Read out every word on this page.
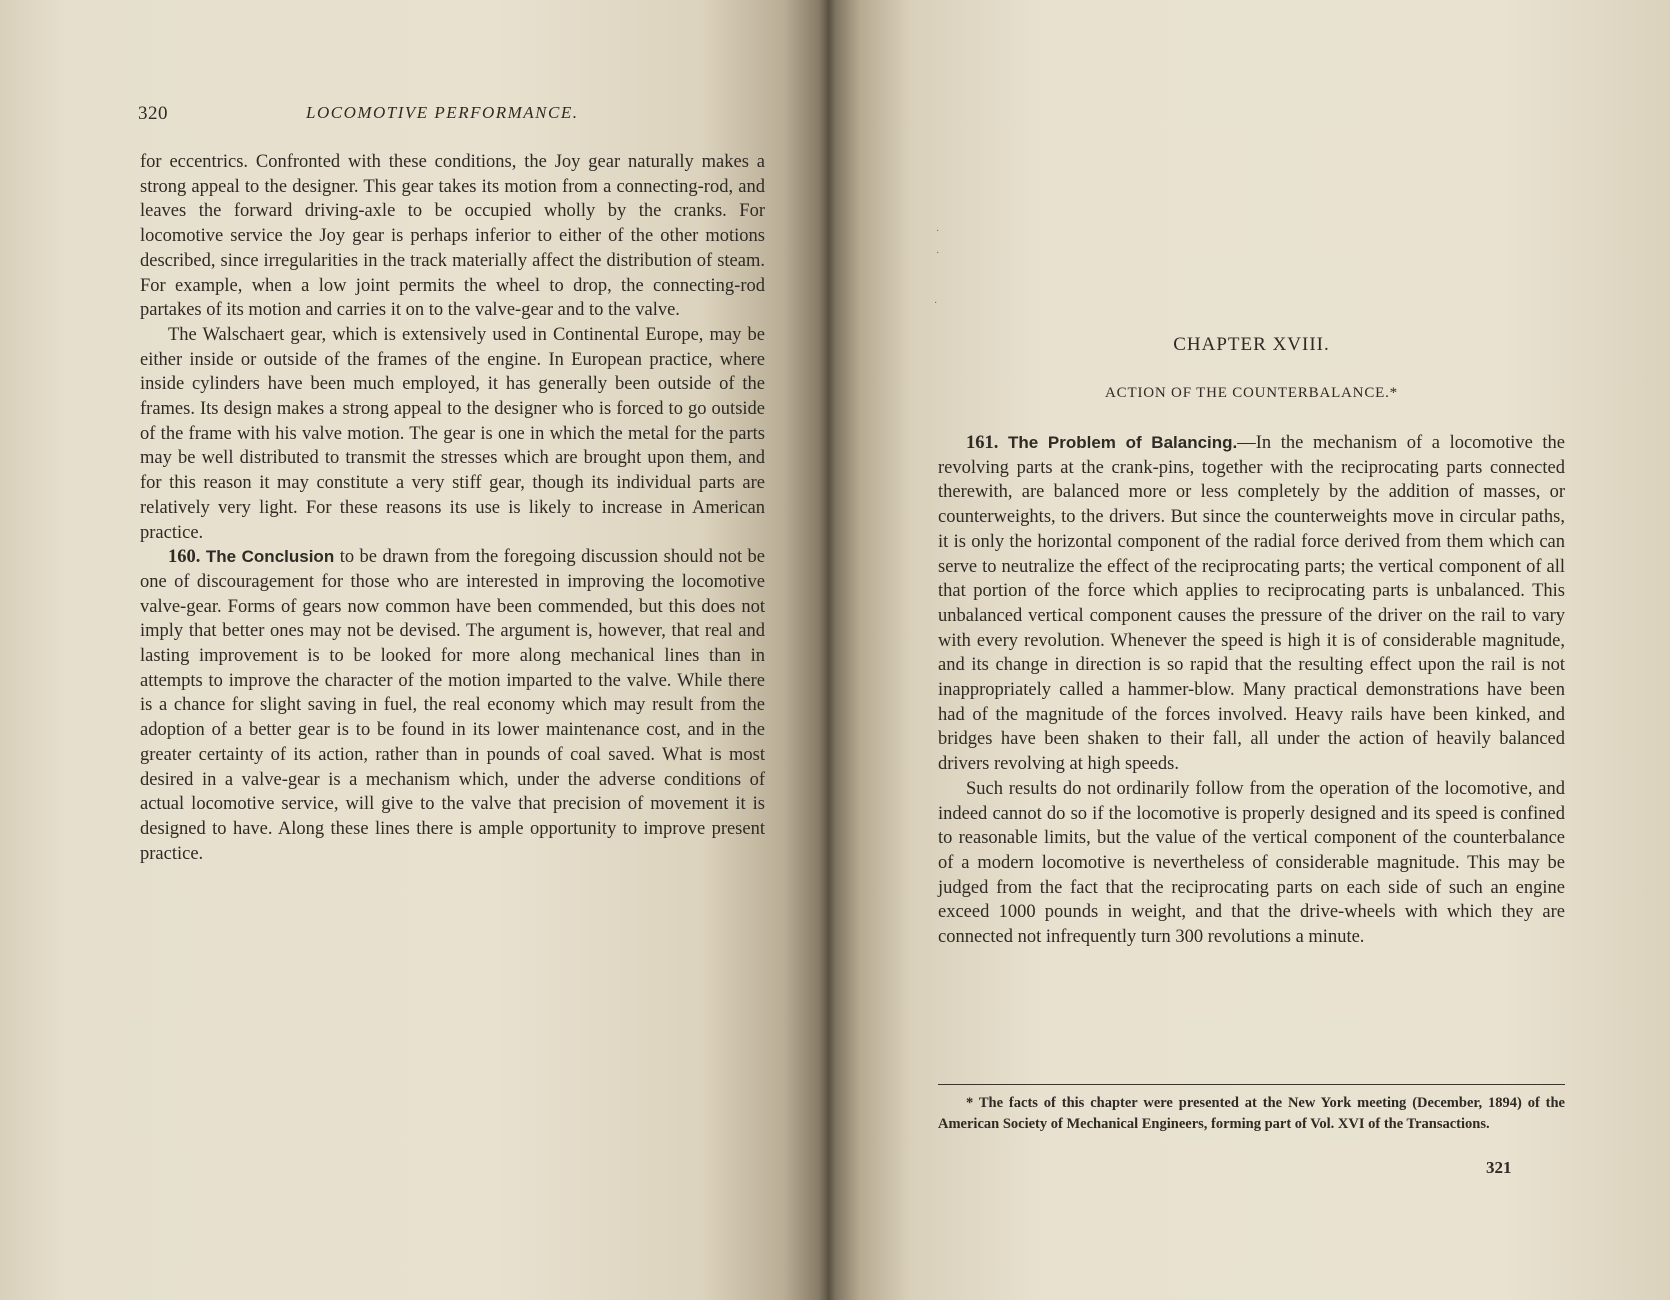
320	LOCOMOTIVE PERFORMANCE.

for eccentrics. Confronted with these conditions, the Joy gear naturally makes a strong appeal to the designer. This gear takes its motion from a connecting-rod, and leaves the forward driving-axle to be occupied wholly by the cranks. For locomotive service the Joy gear is perhaps inferior to either of the other motions described, since irregularities in the track materially affect the distribution of steam. For example, when a low joint permits the wheel to drop, the connecting-rod partakes of its motion and carries it on to the valve-gear and to the valve.

The Walschaert gear, which is extensively used in Continental Europe, may be either inside or outside of the frames of the engine. In European practice, where inside cylinders have been much employed, it has generally been outside of the frames. Its design makes a strong appeal to the designer who is forced to go outside of the frame with his valve motion. The gear is one in which the metal for the parts may be well distributed to transmit the stresses which are brought upon them, and for this reason it may constitute a very stiff gear, though its individual parts are relatively very light. For these reasons its use is likely to increase in American practice.

160. The Conclusion to be drawn from the foregoing discussion should not be one of discouragement for those who are interested in improving the locomotive valve-gear. Forms of gears now common have been commended, but this does not imply that better ones may not be devised. The argument is, however, that real and lasting improvement is to be looked for more along mechanical lines than in attempts to improve the character of the motion imparted to the valve. While there is a chance for slight saving in fuel, the real economy which may result from the adoption of a better gear is to be found in its lower maintenance cost, and in the greater certainty of its action, rather than in pounds of coal saved. What is most desired in a valve-gear is a mechanism which, under the adverse conditions of actual locomotive service, will give to the valve that precision of movement it is designed to have. Along these lines there is ample opportunity to improve present practice.

·
·
·
CHAPTER XVIII.
ACTION OF THE COUNTERBALANCE.*

161. The Problem of Balancing.—In the mechanism of a locomotive the revolving parts at the crank-pins, together with the reciprocating parts connected therewith, are balanced more or less completely by the addition of masses, or counterweights, to the drivers. But since the counterweights move in circular paths, it is only the horizontal component of the radial force derived from them which can serve to neutralize the effect of the reciprocating parts; the vertical component of all that portion of the force which applies to reciprocating parts is unbalanced. This unbalanced vertical component causes the pressure of the driver on the rail to vary with every revolution. Whenever the speed is high it is of considerable magnitude, and its change in direction is so rapid that the resulting effect upon the rail is not inappropriately called a hammer-blow. Many practical demonstrations have been had of the magnitude of the forces involved. Heavy rails have been kinked, and bridges have been shaken to their fall, all under the action of heavily balanced drivers revolving at high speeds.

Such results do not ordinarily follow from the operation of the locomotive, and indeed cannot do so if the locomotive is properly designed and its speed is confined to reasonable limits, but the value of the vertical component of the counterbalance of a modern locomotive is nevertheless of considerable magnitude. This may be judged from the fact that the reciprocating parts on each side of such an engine exceed 1000 pounds in weight, and that the drive-wheels with which they are connected not infrequently turn 300 revolutions a minute.

* The facts of this chapter were presented at the New York meeting (December, 1894) of the American Society of Mechanical Engineers, forming part of Vol. XVI of the Transactions.

321
